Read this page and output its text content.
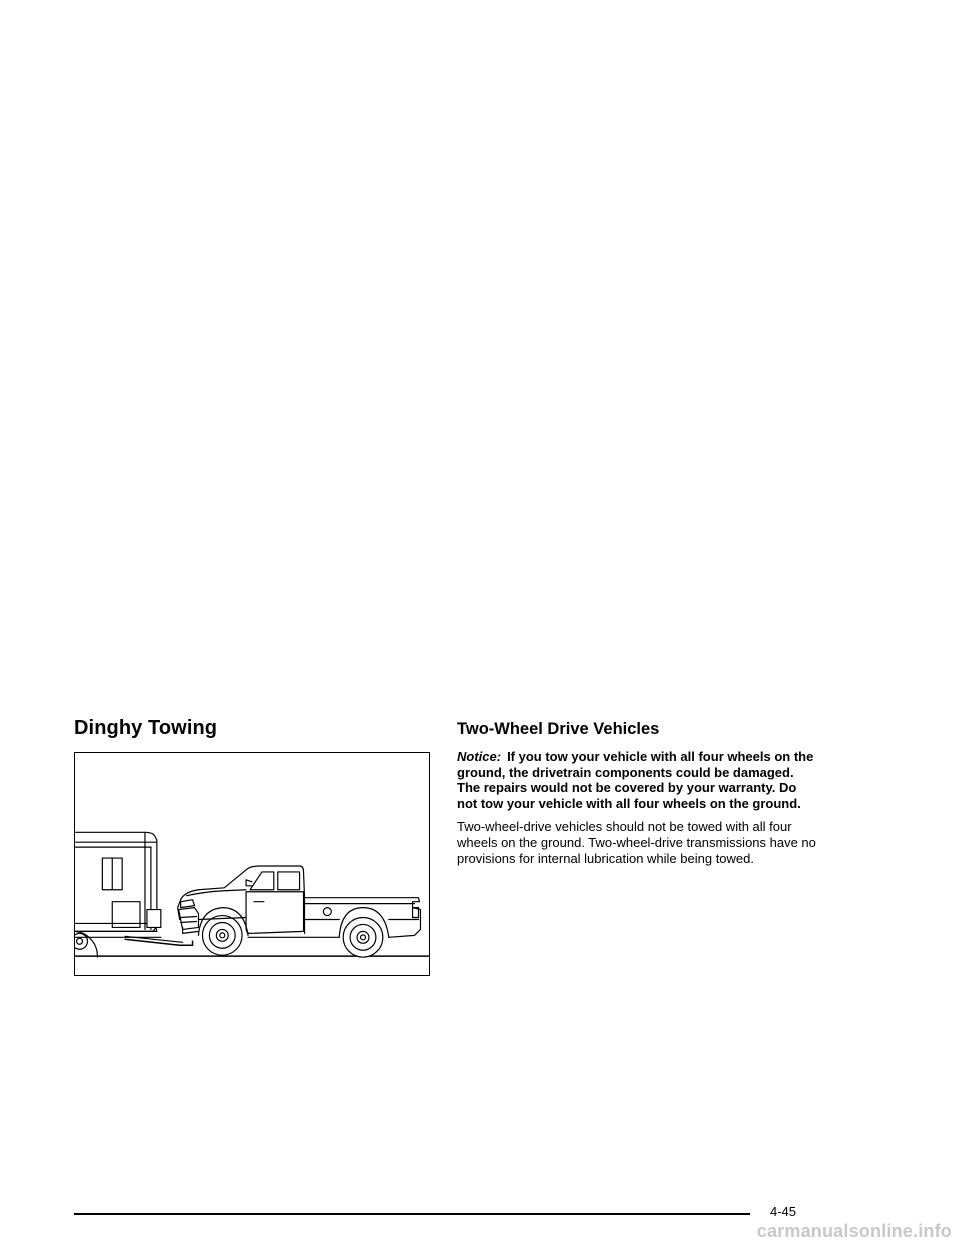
Dinghy Towing	Two-Wheel Drive Vehicles

Notice: If you tow your vehicle with all four wheels on the ground, the drivetrain components could be damaged. The repairs would not be covered by your warranty. Do not tow your vehicle with all four wheels on the ground.

Two-wheel-drive vehicles should not be towed with all four wheels on the ground. Two-wheel-drive transmissions have no provisions for internal lubrication while being towed.

4-45
carmanualsonline.info
